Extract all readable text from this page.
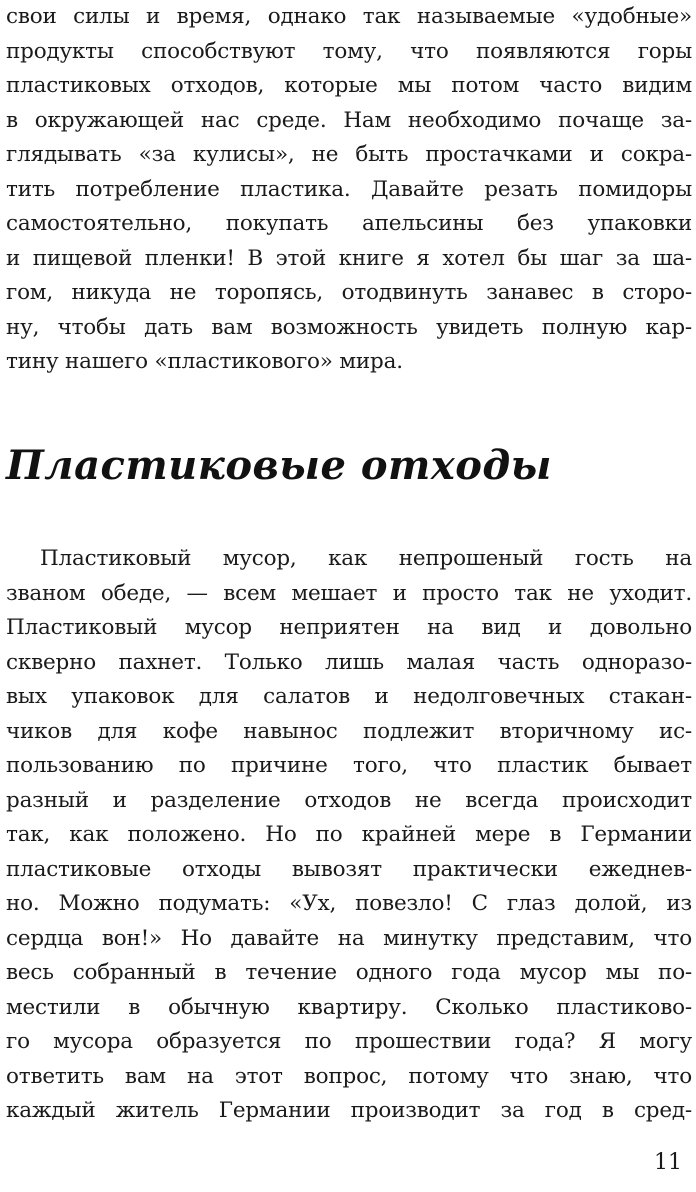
свои силы и время, однако так называемые «удобные»
продукты способствуют тому, что появляются горы
пластиковых отходов, которые мы потом часто видим
в окружающей нас среде. Нам необходимо почаще за-
глядывать «за кулисы», не быть простачками и сокра-
тить потребление пластика. Давайте резать помидоры
самостоятельно, покупать апельсины без упаковки
и пищевой пленки! В этой книге я хотел бы шаг за ша-
гом, никуда не торопясь, отодвинуть занавес в сторо-
ну, чтобы дать вам возможность увидеть полную кар-
тину нашего «пластикового» мира.
Пластиковые отходы
Пластиковый мусор, как непрошеный гость на
званом обеде, — всем мешает и просто так не уходит.
Пластиковый мусор неприятен на вид и довольно
скверно пахнет. Только лишь малая часть одноразо-
вых упаковок для салатов и недолговечных стакан-
чиков для кофе навынос подлежит вторичному ис-
пользованию по причине того, что пластик бывает
разный и разделение отходов не всегда происходит
так, как положено. Но по крайней мере в Германии
пластиковые отходы вывозят практически ежеднев-
но. Можно подумать: «Ух, повезло! С глаз долой, из
сердца вон!» Но давайте на минутку представим, что
весь собранный в течение одного года мусор мы по-
местили в обычную квартиру. Сколько пластиково-
го мусора образуется по прошествии года? Я могу
ответить вам на этот вопрос, потому что знаю, что
каждый житель Германии производит за год в сред-
11
